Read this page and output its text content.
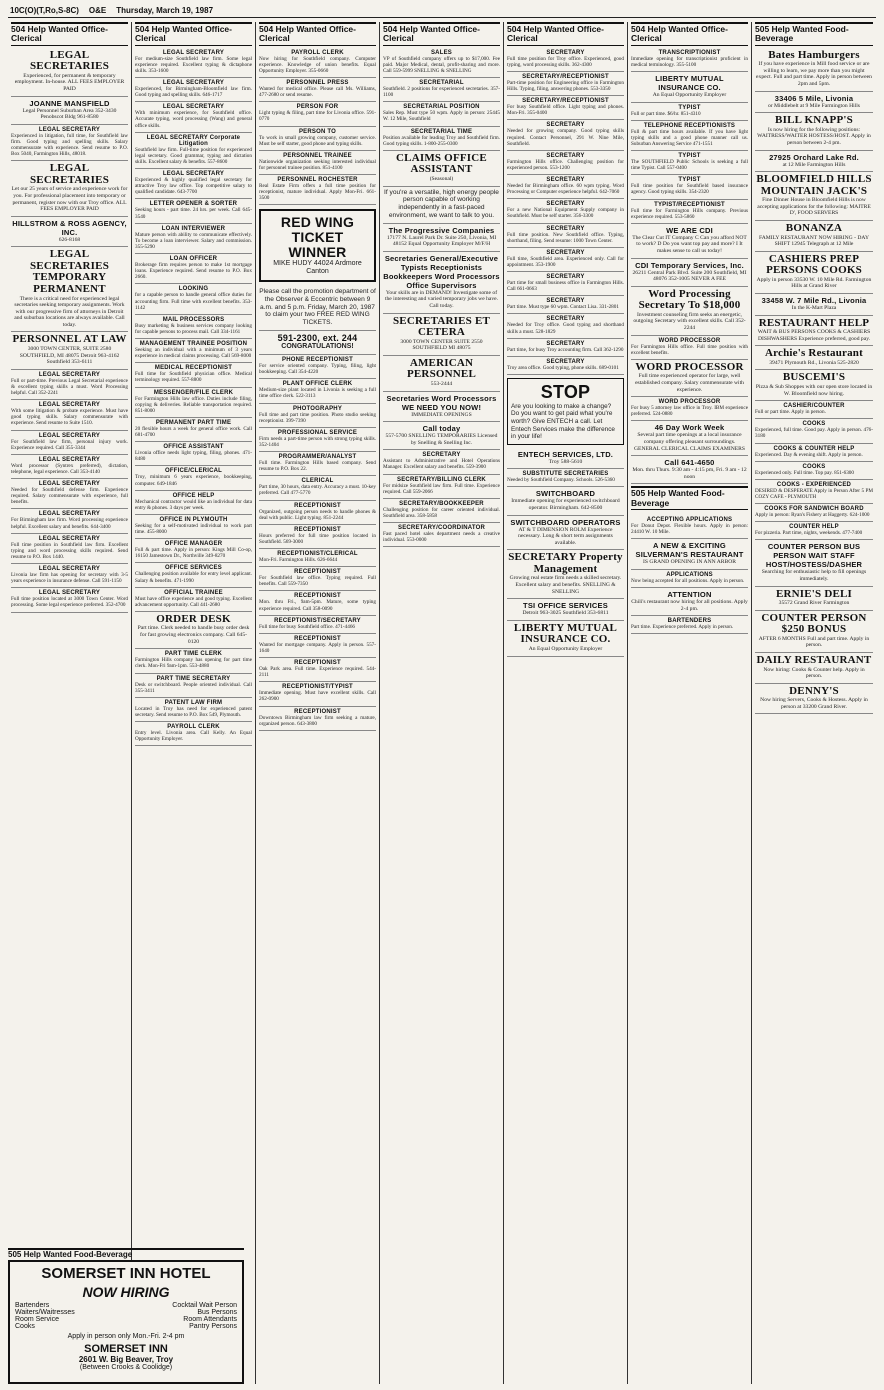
10C(O)(T,Ro,S-8C) O&E Thursday, March 19, 1987
504 Help Wanted Office-Clerical
LEGAL SECRETARIES
Experienced, for permanent & temporary employment. In-house. ALL FEES EMPLOYER PAID
JOANNE MANSFIELD
Legal Personnel Suburban Area 352-3430 Penobscot Bldg 961-8580
LEGAL SECRETARY
Experienced in litigation, full time, for Southfield law firm. Good typing and spelling skills. Salary commensurate with experience. Send resume to P.O. Box 5040, Farmington Hills, 48018.
LEGAL SECRETARIES
Let our 25 years of service and experience work for you. For professional placement into temporary or permanent, register now with our Troy office. ALL FEES EMPLOYER PAID
HILLSTROM & ROSS AGENCY, INC.
626-8168
LEGAL SECRETARIES TEMPORARY PERMANENT
There is a critical need for experienced legal secretaries seeking temporary assignments. Work with our progressive firm of attorneys in Detroit and suburban locations are always available. Call today.
PERSONNEL AT LAW
3000 TOWN CENTER, SUITE 2580 SOUTHFIELD, MI 48075 Detroit 963-4162 Southfield 353-6111
LEGAL SECRETARY
Full or part-time. Previous Legal Secretarial experience & excellent typing skills a must. Word Processing helpful. Call 352-2241
LEGAL SECRETARY
With some litigation & probate experience. Must have good typing skills. Salary commensurate with experience. Send resume to Suite 1510.
LEGAL SECRETARY
For Southfield law firm, personal injury work. Experience required. Call 355-3344
LEGAL SECRETARY
Word processor (Syntrex preferred), dictation, telephone, legal experience. Call 353-4140
LEGAL SECRETARY
Needed for Southfield defense firm. Experience required. Salary commensurate with experience, full benefits.
LEGAL SECRETARY
For Birmingham law firm. Word processing experience helpful. Excellent salary and benefits. 644-3400
LEGAL SECRETARY
Full time position in Southfield law firm. Excellent typing and word processing skills required. Send resume to P.O. Box 1440.
LEGAL SECRETARY
Livonia law firm has opening for secretary with 3-5 years experience in insurance defense. Call 591-1150
LEGAL SECRETARY
Full time position located at 3000 Town Center. Word processing. Some legal experience preferred. 352-4700
504 Help Wanted Office-Clerical
LEGAL SECRETARY
For medium-size Southfield law firm. Some legal experience required. Excellent typing & dictaphone skills. 353-1600
LEGAL SECRETARY
Experienced, for Birmingham-Bloomfield law firm. Good typing and spelling skills. 646-1717
LEGAL SECRETARY
With minimum experience, for Southfield office. Accurate typing, word processing (Wang) and general office skills.
LEGAL SECRETARY Corporate Litigation
Southfield law firm. Full-time position for experienced legal secretary. Good grammar, typing and dictation skills. Excellent salary & benefits. 557-8600
LEGAL SECRETARY
Experienced & highly qualified legal secretary for attractive Troy law office. Top competitive salary to qualified candidate. 643-7700
LETTER OPENER & SORTER
Seeking hours - part time. 24 hrs. per week. Call 645-3540
LOAN INTERVIEWER
Mature person with ability to communicate effectively. To become a loan interviewer. Salary and commission. 355-5290
LOAN OFFICER
Brokerage firm requires person to make 1st mortgage loans. Experience required. Send resume to P.O. Box 2660.
LOOKING
for a capable person to handle general office duties for accounting firm. Full time with excellent benefits. 353-1142
MAIL PROCESSORS
Busy marketing & business services company looking for capable persons to process mail. Call 334-1161
MANAGEMENT TRAINEE POSITION
Seeking an individual with a minimum of 3 years experience in medical claims processing. Call 569-8000
MEDICAL RECEPTIONIST
Full time for Southfield physician office. Medical terminology required. 557-8800
MESSENGER/FILE CLERK
For Farmington Hills law office. Duties include filing, copying & deliveries. Reliable transportation required. 851-8000
PERMANENT PART TIME
20 flexible hours a week for general office work. Call 681-4700
OFFICE ASSISTANT
Livonia office needs light typing, filing, phones. 471-8480
OFFICE/CLERICAL
Troy, minimum 6 years experience, bookkeeping, computer. 649-1846
OFFICE HELP
Mechanical contractor would like an individual for data entry & phones. 3 days per week.
OFFICE IN PLYMOUTH
Seeking for a self-motivated individual to work part time. 455-8000
OFFICE MANAGER
Full & part time. Apply in person: Kings Mill Co-op, 16150 Jamestown Dr., Northville 349-8270
OFFICE SERVICES
Challenging position available for entry level applicant. Salary & benefits. 471-1990
OFFICIAL TRAINEE
Must have office experience and good typing. Excellent advancement opportunity. Call 441-2680
ORDER DESK
Part time. Clerk needed to handle busy order desk for fast growing electronics company. Call 645-0120
PART TIME CLERK
Farmington Hills company has opening for part time clerk. Mon-Fri 9am-1pm. 553-4880
PART TIME SECRETARY
Desk or switchboard. People oriented individual. Call 355-3411
PATENT LAW FIRM
Located in Troy has need for experienced patent secretary. Send resume to P.O. Box 549, Plymouth.
PAYROLL CLERK
Entry level. Livonia area. Call Kelly. An Equal Opportunity Employer.
504 Help Wanted Office-Clerical
PAYROLL CLERK
Now hiring for Southfield company. Computer experience. Knowledge of union benefits. Equal Opportunity Employer. 355-0660
PERSONNEL PRESS
Wanted for medical office. Please call Ms. Williams, 477-2680 or send resume.
PERSON FOR
Light typing & filing, part time for Livonia office. 591-0770
PERSON TO
To work in small growing company, customer service. Must be self starter, good phone and typing skills.
PERSONNEL TRAINEE
Nationwide organization seeking interested individual for personnel trainee position. 851-4100
PERSONNEL ROCHESTER
Real Estate Firm offers a full time position for receptionist, mature individual. Apply Mon-Fri. 661-3500
RED WING TICKET WINNER
MIKE HUDY 44024 Ardmore Canton
Please call the promotion department of the Observer & Eccentric between 9 a.m. and 5 p.m. Friday, March 20, 1987 to claim your two FREE RED WING TICKETS.
591-2300, ext. 244
CONGRATULATIONS!
PHONE RECEPTIONIST
For service oriented company. Typing, filing, light bookkeeping. Call 354-4220
PLANT OFFICE CLERK
Medium-size plant located in Livonia is seeking a full time office clerk. 522-3113
PHOTOGRAPHY
Full time and part time position. Photo studio seeking receptionist. 399-7390
PROFESSIONAL SERVICE
Firm needs a part-time person with strong typing skills. 352-1404
PROGRAMMER/ANALYST
Full time. Farmington Hills based company. Send resume to P.O. Box 22.
CLERICAL
Part time, 30 hours, data entry. Accuracy a must. 10-key preferred. Call 477-5770
RECEPTIONIST
Organized, outgoing person needs to handle phones & deal with public. Light typing. 851-2244
RECEPTIONIST
Hours preferred for full time position located in Southfield. 569-3000
RECEPTIONIST/CLERICAL
Mon-Fri. Farmington Hills. 626-6644
RECEPTIONIST
For Southfield law office. Typing required. Full benefits. Call 559-7350
RECEPTIONIST
Mon. thru Fri., 9am-5pm. Mature, some typing experience required. Call 358-0090
RECEPTIONIST/SECRETARY
Full time for busy Southfield office. 471-4466
RECEPTIONIST
Wanted for mortgage company. Apply in person. 557-1640
RECEPTIONIST
Oak Park area. Full time. Experience required. 544-2111
RECEPTIONIST/TYPIST
Immediate opening. Must have excellent skills. Call 262-0900
RECEPTIONIST
Downtown Birmingham law firm seeking a mature, organized person. 643-3800
504 Help Wanted Office-Clerical
SALES
VP of Southfield company offers up to $17,000. Fee paid. Major Medical, dental, profit-sharing and more. Call 559-5999 SNELLING & SNELLING
SECRETARIAL
Southfield. 2 positions for experienced secretaries. 357-1100
SECRETARIAL POSITION
Sales Rep. Must type 50 wpm. Apply in person: 25445 W. 12 Mile, Southfield
SECRETARIAL TIME
Position available for leading Troy and Southfield firm. Good typing skills. 1-800-255-0300
CLAIMS OFFICE ASSISTANT
(Seasonal)
If you're a versatile, high energy people person capable of working independently in a fast-paced environment, we want to talk to you.
The Progressive Companies
17177 N. Laurel Park Dr. Suite 250, Livonia, MI 48152 Equal Opportunity Employer M/F/H
Secretaries General/Executive Typists Receptionists Bookkeepers Word Processors Office Supervisors
Your skills are in DEMAND! Investigate some of the interesting and varied temporary jobs we have. Call today.
SECRETARIES ET CETERA
3000 TOWN CENTER SUITE 2550 SOUTHFIELD MI 48075
AMERICAN PERSONNEL
553-2444
Secretaries Word Processors WE NEED YOU NOW!
IMMEDIATE OPENINGS
Call today
557-5700 SNELLING TEMPORARIES Licensed by Snelling & Snelling Inc.
SECRETARY
Assistant to Administrative and Hotel Operations Manager. Excellent salary and benefits. 559-3900
SECRETARY/BILLING CLERK
For midsize Southfield law firm. Full time. Experience required. Call 559-2066
SECRETARY/BOOKKEEPER
Challenging position for career oriented individual. Southfield area. 358-5858
SECRETARY/COORDINATOR
Fast paced hotel sales department needs a creative individual. 553-0000
504 Help Wanted Office-Clerical
SECRETARY
Full time position for Troy office. Experienced, good typing, word processing skills. 362-4300
SECRETARY/RECEPTIONIST
Part-time position for Engineering office in Farmington Hills. Typing, filing, answering phones. 553-3350
SECRETARY/RECEPTIONIST
For busy Southfield office. Light typing and phones. Mon-Fri. 355-0400
SECRETARY
Needed for growing company. Good typing skills required. Contact Personnel, 291 W. Nine Mile, Southfield.
SECRETARY
Farmington Hills office. Challenging position for experienced person. 553-1200
SECRETARY
Needed for Birmingham office. 60 wpm typing. Word Processing or Computer experience helpful. 642-7060
SECRETARY
For a new National Equipment Supply company in Southfield. Must be self starter. 356-3300
SECRETARY
Full time position. New Southfield office. Typing, shorthand, filing. Send resume: 1000 Town Center.
SECRETARY
Full time, Southfield area. Experienced only. Call for appointment. 353-1900
SECRETARY
Part time for small business office in Farmington Hills. Call 661-0663
SECRETARY
Part time. Must type 60 wpm. Contact Lisa. 331-2801
SECRETARY
Needed for Troy office. Good typing and shorthand skills a must. 528-1829
SECRETARY
Part time, for busy Troy accounting firm. Call 362-1290
SECRETARY
Troy area office. Good typing, phone skills. 689-0101
STOP
Are you looking to make a change? Do you want to get paid what you're worth? Give ENTECH a call. Let Entech Services make the difference in your life!
ENTECH SERVICES, LTD.
Troy 588-5610
SUBSTITUTE SECRETARIES
Needed by Southfield Company. Schools. 526-5360
SWITCHBOARD
Immediate opening for experienced switchboard operator. Birmingham. 642-8500
SWITCHBOARD OPERATORS
AT & T DIMENSION ROLM Experience necessary. Long & short term assignments available.
SECRETARY Property Management
Growing real estate firm needs a skilled secretary. Excellent salary and benefits. SNELLING & SNELLING
TSI OFFICE SERVICES
Detroit 963-3025 Southfield 353-6811
LIBERTY MUTUAL INSURANCE CO.
An Equal Opportunity Employer
504 Help Wanted Office-Clerical
TRANSCRIPTIONIST
Immediate opening for transcriptionist proficient in medical terminology. 355-5100
LIBERTY MUTUAL INSURANCE CO.
An Equal Opportunity Employer
TYPIST
Full or part time. $6/hr. 851-4310
TELEPHONE RECEPTIONISTS
Full & part time hours available. If you have light typing skills and a good phone manner call us. Suburban Answering Service 471-1551
TYPIST
The SOUTHFIELD Public Schools is seeking a full time Typist. Call 557-0400
TYPIST
Full time position for Southfield based insurance agency. Good typing skills. 354-2320
TYPIST/RECEPTIONIST
Full time for Farmington Hills company. Previous experience required. 553-5860
WE ARE CDI
The Clear Cut IT Company C Can you afford NOT to work? D Do you want top pay and more? I It makes sense to call us today!
CDI Temporary Services, Inc.
26211 Central Park Blvd. Suite 200 Southfield, MI 48076 352-1005 NEVER A FEE
Word Processing Secretary To $18,000
Investment counseling firm seeks an energetic, outgoing Secretary with excellent skills. Call 352-2244
WORD PROCESSOR
For Farmington Hills office. Full time position with excellent benefits.
WORD PROCESSOR
Full time experienced operator for large, well established company. Salary commensurate with experience.
WORD PROCESSOR
For busy 5 attorney law office in Troy. IBM experience preferred. 524-0880
46 Day Work Week
Several part time openings at a local insurance company offering pleasant surroundings. GENERAL CLERICAL CLAIMS EXAMINERS
Call 641-4650
Mon. thru Thurs. 9:30 am - 4:15 pm, Fri. 9 am - 12 noon
505 Help Wanted Food-Beverage
ACCEPTING APPLICATIONS
For Donut Depot. Flexible hours. Apply in person: 24410 W. 10 Mile.
A NEW & EXCITING SILVERMAN'S RESTAURANT
IS GRAND OPENING IN ANN ARBOR
APPLICATIONS
Now being accepted for all positions. Apply in person.
ATTENTION
Chili's restaurant now hiring for all positions. Apply 2-4 pm.
BARTENDERS
Part time. Experience preferred. Apply in person.
505 Help Wanted Food-Beverage
Bates Hamburgers
If you have experience in Mill food service or are willing to learn, we pay more than you might expect. Full and part time. Apply in person between 2pm and 5pm.
33406 5 Mile, Livonia
or Middlebelt at 9 Mile Farmington Hills
BILL KNAPP'S
Is now hiring for the following positions: WAITRESS/WAITER HOSTESS/HOST. Apply in person between 2-4 pm.
27925 Orchard Lake Rd.
at 12 Mile Farmington Hills
BLOOMFIELD HILLS MOUNTAIN JACK'S
Fine Dinner House in Bloomfield Hills is now accepting applications for the following: MAITRE D', FOOD SERVERS
BONANZA
FAMILY RESTAURANT NOW HIRING - DAY SHIFT 12945 Telegraph at 12 Mile
CASHIERS PREP PERSONS COOKS
Apply in person 33530 W. 10 Mile Rd. Farmington Hills at Grand River
33458 W. 7 Mile Rd., Livonia
In the K-Mart Plaza
RESTAURANT HELP
WAIT & BUS PERSONS COOKS & CASHIERS DISHWASHERS Experience preferred, good pay.
Archie's Restaurant
39471 Plymouth Rd., Livonia 525-2820
BUSCEMI'S
Pizza & Sub Shoppes with our open store located in W. Bloomfield now hiring.
CASHIER/COUNTER
Full or part time. Apply in person.
COOKS
Experienced, full time. Good pay. Apply in person. 476-3180
COOKS & COUNTER HELP
Experienced. Day & evening shift. Apply in person.
COOKS
Experienced only. Full time. Top pay. 851-6300
COOKS - EXPERIENCED
DESIRED & DESPERATE Apply in Person After 5 PM COZY CAFE - PLYMOUTH
COOKS FOR SANDWICH BOARD
Apply in person: Ryan's Fishery at Haggerty. 624-1000
COUNTER HELP
For pizzeria. Part time, nights, weekends. 477-7400
COUNTER PERSON BUS PERSON WAIT STAFF HOST/HOSTESS/DASHER
Searching for enthusiastic help to fill openings immediately.
ERNIE'S DELI
35572 Grand River Farmington
COUNTER PERSON $250 BONUS
AFTER 6 MONTHS Full and part time. Apply in person.
DAILY RESTAURANT
Now hiring: Cooks & Counter help. Apply in person.
DENNY'S
Now hiring Servers, Cooks & Hostess. Apply in person at 33200 Grand River.
505 Help Wanted Food-Beverage
SOMERSET INN HOTEL
NOW HIRING
Bartenders	Cocktail Wait Person
Waiters/Waitresses	Bus Persons
Room Service	Room Attendants
Cooks	Pantry Persons
Apply in person only Mon.-Fri. 2-4 pm
SOMERSET INN
2601 W. Big Beaver, Troy
(Between Crooks & Coolidge)
